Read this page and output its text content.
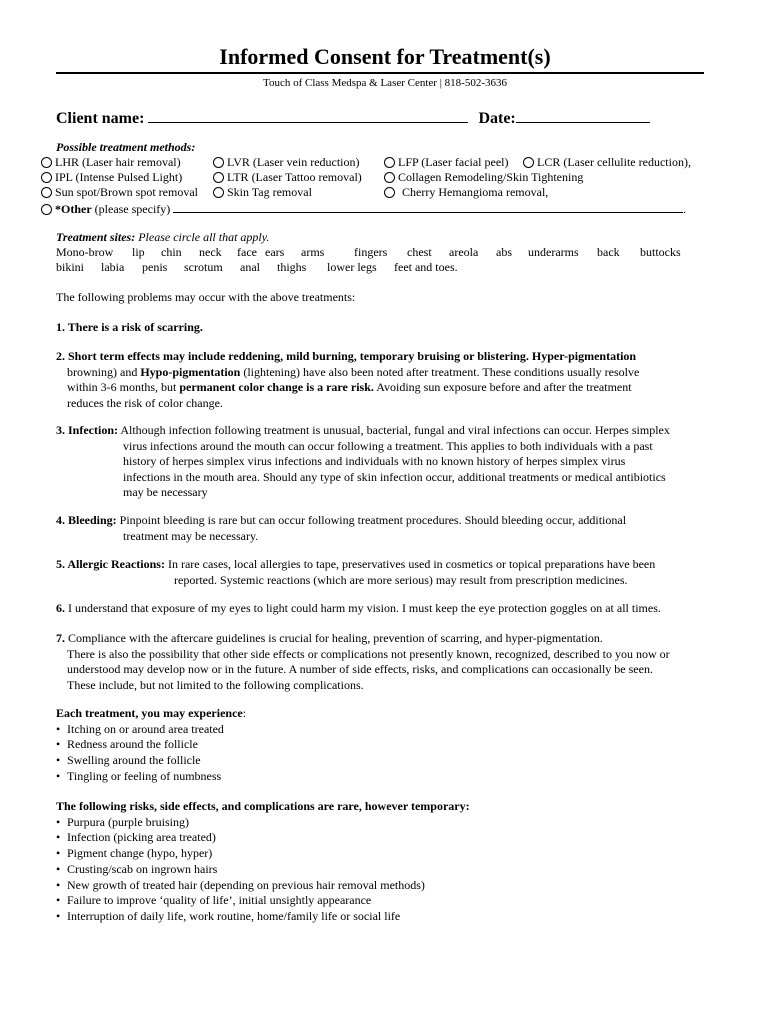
Informed Consent for Treatment(s)
Touch of Class Medspa & Laser Center | 818-502-3636
Client name:	Date:
Possible treatment methods:
LHR (Laser hair removal)	LVR (Laser vein reduction)	LFP (Laser facial peel)	LCR (Laser cellulite reduction),
IPL (Intense Pulsed Light)	LTR (Laser Tattoo removal)	Collagen Remodeling/Skin Tightening
Sun spot/Brown spot removal	Skin Tag removal	Cherry Hemangioma removal,
*Other (please specify)	.
Treatment sites: Please circle all that apply.
Mono-brow lip chin neck face ears arms fingers chest areola abs underarms back buttocks
bikini labia penis scrotum anal thighs lower legs feet and toes.
The following problems may occur with the above treatments:
1. There is a risk of scarring.

2. Short term effects may include reddening, mild burning, temporary bruising or blistering. Hyper-pigmentation

browning) and Hypo-pigmentation (lightening) have also been noted after treatment. These conditions usually resolve

within 3-6 months, but permanent color change is a rare risk. Avoiding sun exposure before and after the treatment

reduces the risk of color change.

3. Infection: Although infection following treatment is unusual, bacterial, fungal and viral infections can occur. Herpes simplex

virus infections around the mouth can occur following a treatment. This applies to both individuals with a past

history of herpes simplex virus infections and individuals with no known history of herpes simplex virus

infections in the mouth area. Should any type of skin infection occur, additional treatments or medical antibiotics

may be necessary

4. Bleeding: Pinpoint bleeding is rare but can occur following treatment procedures. Should bleeding occur, additional

treatment may be necessary.

5. Allergic Reactions: In rare cases, local allergies to tape, preservatives used in cosmetics or topical preparations have been

reported. Systemic reactions (which are more serious) may result from prescription medicines.

6. I understand that exposure of my eyes to light could harm my vision. I must keep the eye protection goggles on at all times.

7. Compliance with the aftercare guidelines is crucial for healing, prevention of scarring, and hyper-pigmentation.

There is also the possibility that other side effects or complications not presently known, recognized, described to you now or

understood may develop now or in the future. A number of side effects, risks, and complications can occasionally be seen.

These include, but not limited to the following complications.

Each treatment, you may experience:

• Itching on or around area treated
• Redness around the follicle
• Swelling around the follicle
• Tingling or feeling of numbness

The following risks, side effects, and complications are rare, however temporary:

• Purpura (purple bruising)
• Infection (picking area treated)
• Pigment change (hypo, hyper)
• Crusting/scab on ingrown hairs
• New growth of treated hair (depending on previous hair removal methods)
• Failure to improve ‘quality of life’, initial unsightly appearance
• Interruption of daily life, work routine, home/family life or social life
